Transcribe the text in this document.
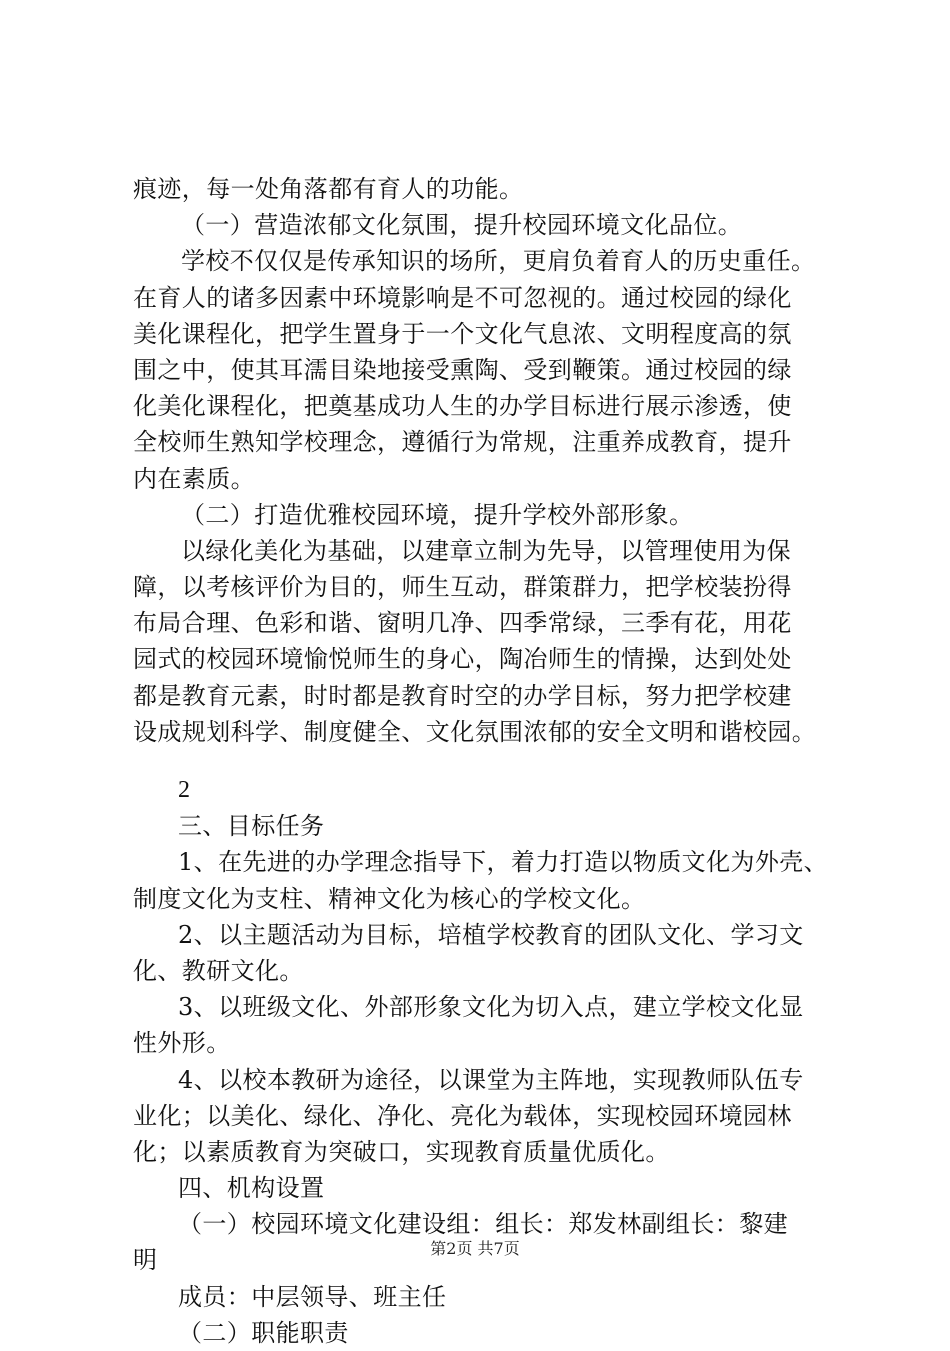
痕迹，每一处角落都有育人的功能。
（一）营造浓郁文化氛围，提升校园环境文化品位。
学校不仅仅是传承知识的场所，更肩负着育人的历史重任。
在育人的诸多因素中环境影响是不可忽视的。通过校园的绿化
美化课程化，把学生置身于一个文化气息浓、文明程度高的氛
围之中，使其耳濡目染地接受熏陶、受到鞭策。通过校园的绿
化美化课程化，把奠基成功人生的办学目标进行展示渗透，使
全校师生熟知学校理念，遵循行为常规，注重养成教育，提升
内在素质。
（二）打造优雅校园环境，提升学校外部形象。
以绿化美化为基础，以建章立制为先导，以管理使用为保
障，以考核评价为目的，师生互动，群策群力，把学校装扮得
布局合理、色彩和谐、窗明几净、四季常绿，三季有花，用花
园式的校园环境愉悦师生的身心，陶冶师生的情操，达到处处
都是教育元素，时时都是教育时空的办学目标，努力把学校建
设成规划科学、制度健全、文化氛围浓郁的安全文明和谐校园。
2
三、目标任务
1、在先进的办学理念指导下，着力打造以物质文化为外壳、
制度文化为支柱、精神文化为核心的学校文化。
2、以主题活动为目标，培植学校教育的团队文化、学习文
化、教研文化。
3、以班级文化、外部形象文化为切入点，建立学校文化显
性外形。
4、以校本教研为途径，以课堂为主阵地，实现教师队伍专
业化；以美化、绿化、净化、亮化为载体，实现校园环境园林
化；以素质教育为突破口，实现教育质量优质化。
四、机构设置
（一）校园环境文化建设组：组长：郑发林副组长：黎建
明
成员：中层领导、班主任
（二）职能职责
第2页 共7页
